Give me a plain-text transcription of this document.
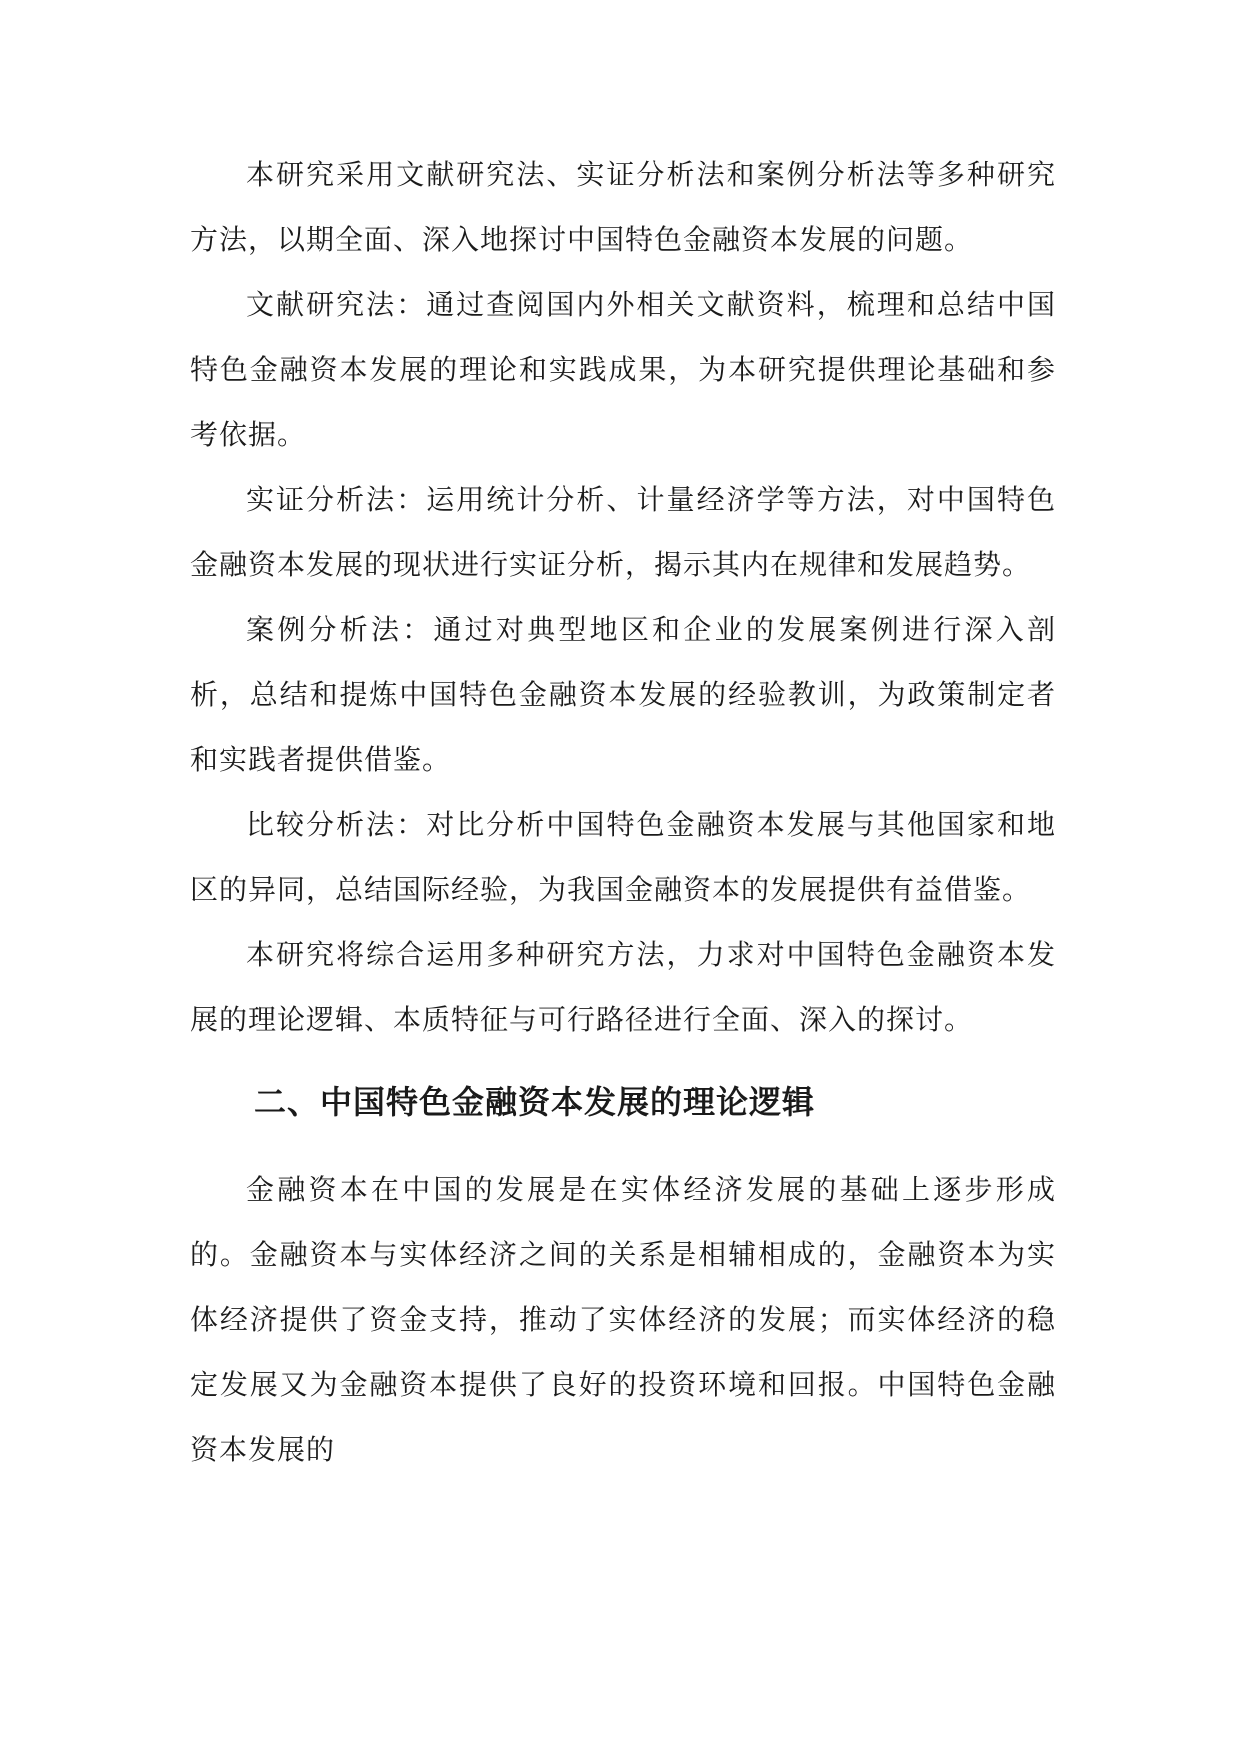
本研究采用文献研究法、实证分析法和案例分析法等多种研究方法，以期全面、深入地探讨中国特色金融资本发展的问题。

文献研究法：通过查阅国内外相关文献资料，梳理和总结中国特色金融资本发展的理论和实践成果，为本研究提供理论基础和参考依据。

实证分析法：运用统计分析、计量经济学等方法，对中国特色金融资本发展的现状进行实证分析，揭示其内在规律和发展趋势。

案例分析法：通过对典型地区和企业的发展案例进行深入剖析，总结和提炼中国特色金融资本发展的经验教训，为政策制定者和实践者提供借鉴。

比较分析法：对比分析中国特色金融资本发展与其他国家和地区的异同，总结国际经验，为我国金融资本的发展提供有益借鉴。

本研究将综合运用多种研究方法，力求对中国特色金融资本发展的理论逻辑、本质特征与可行路径进行全面、深入的探讨。

二、中国特色金融资本发展的理论逻辑

金融资本在中国的发展是在实体经济发展的基础上逐步形成的。金融资本与实体经济之间的关系是相辅相成的，金融资本为实体经济提供了资金支持，推动了实体经济的发展；而实体经济的稳定发展又为金融资本提供了良好的投资环境和回报。中国特色金融资本发展的
